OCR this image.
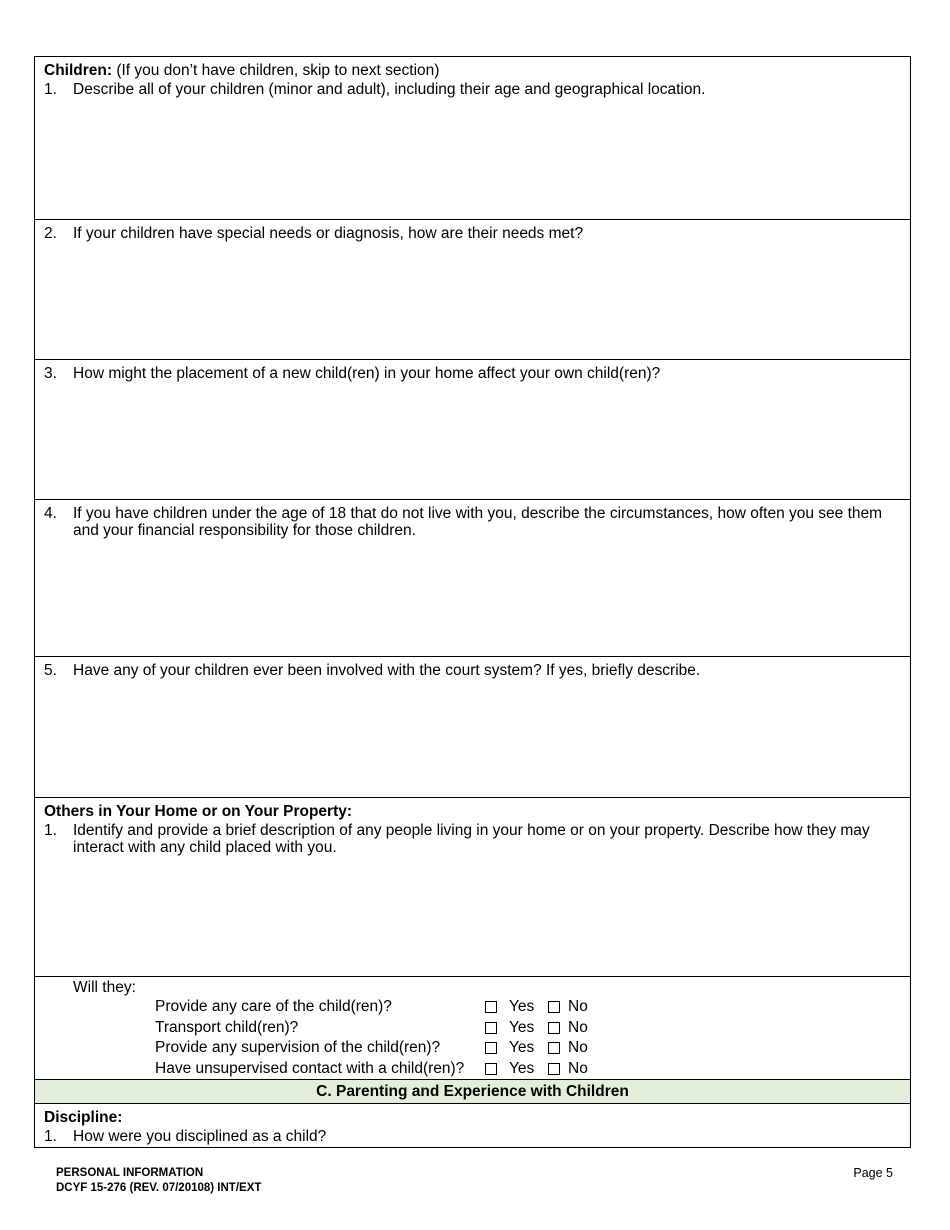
Children: (If you don’t have children, skip to next section)
1. Describe all of your children (minor and adult), including their age and geographical location.
2. If your children have special needs or diagnosis, how are their needs met?
3. How might the placement of a new child(ren) in your home affect your own child(ren)?
4. If you have children under the age of 18 that do not live with you, describe the circumstances, how often you see them and your financial responsibility for those children.
5. Have any of your children ever been involved with the court system? If yes, briefly describe.
Others in Your Home or on Your Property:
1. Identify and provide a brief description of any people living in your home or on your property. Describe how they may interact with any child placed with you.
Will they:
Provide any care of the child(ren)?	Yes No
Transport child(ren)?	Yes No
Provide any supervision of the child(ren)?	Yes No
Have unsupervised contact with a child(ren)?	Yes No
C. Parenting and Experience with Children
Discipline:
1. How were you disciplined as a child?
PERSONAL INFORMATION
DCYF 15-276 (REV. 07/20108) INT/EXT
Page 5
